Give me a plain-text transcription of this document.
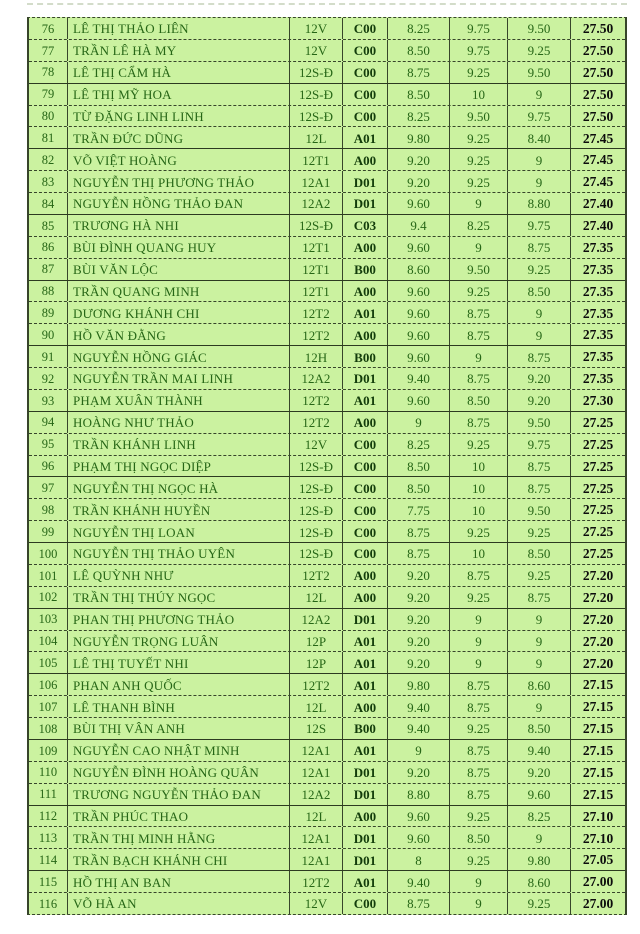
76	LÊ THỊ THẢO LIÊN	12V	C00	8.25	9.75	9.50	27.50
77	TRẦN LÊ HÀ MY	12V	C00	8.50	9.75	9.25	27.50
78	LÊ THỊ CẨM HÀ	12S-Đ	C00	8.75	9.25	9.50	27.50
79	LÊ THỊ MỸ HOA	12S-Đ	C00	8.50	10	9	27.50
80	TỪ ĐẶNG LINH LINH	12S-Đ	C00	8.25	9.50	9.75	27.50
81	TRẦN ĐỨC DŨNG	12L	A01	9.80	9.25	8.40	27.45
82	VÕ VIỆT HOÀNG	12T1	A00	9.20	9.25	9	27.45
83	NGUYỄN THỊ PHƯƠNG THẢO	12A1	D01	9.20	9.25	9	27.45
84	NGUYỄN HỒNG THẢO ĐAN	12A2	D01	9.60	9	8.80	27.40
85	TRƯƠNG HÀ NHI	12S-Đ	C03	9.4	8.25	9.75	27.40
86	BÙI ĐÌNH QUANG HUY	12T1	A00	9.60	9	8.75	27.35
87	BÙI VĂN LỘC	12T1	B00	8.60	9.50	9.25	27.35
88	TRẦN QUANG MINH	12T1	A00	9.60	9.25	8.50	27.35
89	DƯƠNG KHÁNH CHI	12T2	A01	9.60	8.75	9	27.35
90	HỒ VĂN ĐẰNG	12T2	A00	9.60	8.75	9	27.35
91	NGUYỄN HỒNG GIÁC	12H	B00	9.60	9	8.75	27.35
92	NGUYỄN TRẦN MAI LINH	12A2	D01	9.40	8.75	9.20	27.35
93	PHẠM XUÂN THÀNH	12T2	A01	9.60	8.50	9.20	27.30
94	HOÀNG NHƯ THẢO	12T2	A00	9	8.75	9.50	27.25
95	TRẦN KHÁNH LINH	12V	C00	8.25	9.25	9.75	27.25
96	PHẠM THỊ NGỌC DIỆP	12S-Đ	C00	8.50	10	8.75	27.25
97	NGUYỄN THỊ NGỌC HÀ	12S-Đ	C00	8.50	10	8.75	27.25
98	TRẦN KHÁNH HUYỀN	12S-Đ	C00	7.75	10	9.50	27.25
99	NGUYỄN THỊ LOAN	12S-Đ	C00	8.75	9.25	9.25	27.25
100	NGUYỄN THỊ THẢO UYÊN	12S-Đ	C00	8.75	10	8.50	27.25
101	LÊ QUỲNH NHƯ	12T2	A00	9.20	8.75	9.25	27.20
102	TRẦN THỊ THÚY NGỌC	12L	A00	9.20	9.25	8.75	27.20
103	PHAN THỊ PHƯƠNG THẢO	12A2	D01	9.20	9	9	27.20
104	NGUYỄN TRỌNG LUÂN	12P	A01	9.20	9	9	27.20
105	LÊ THỊ TUYẾT NHI	12P	A01	9.20	9	9	27.20
106	PHAN ANH QUỐC	12T2	A01	9.80	8.75	8.60	27.15
107	LÊ THANH BÌNH	12L	A00	9.40	8.75	9	27.15
108	BÙI THỊ VÂN ANH	12S	B00	9.40	9.25	8.50	27.15
109	NGUYỄN CAO NHẬT MINH	12A1	A01	9	8.75	9.40	27.15
110	NGUYỄN ĐÌNH HOÀNG QUÂN	12A1	D01	9.20	8.75	9.20	27.15
111	TRƯƠNG NGUYỄN THẢO ĐAN	12A2	D01	8.80	8.75	9.60	27.15
112	TRẦN PHÚC THAO	12L	A00	9.60	9.25	8.25	27.10
113	TRẦN THỊ MINH HẰNG	12A1	D01	9.60	8.50	9	27.10
114	TRẦN BẠCH KHÁNH CHI	12A1	D01	8	9.25	9.80	27.05
115	HỒ THỊ AN BAN	12T2	A01	9.40	9	8.60	27.00
116	VÕ HÀ AN	12V	C00	8.75	9	9.25	27.00
